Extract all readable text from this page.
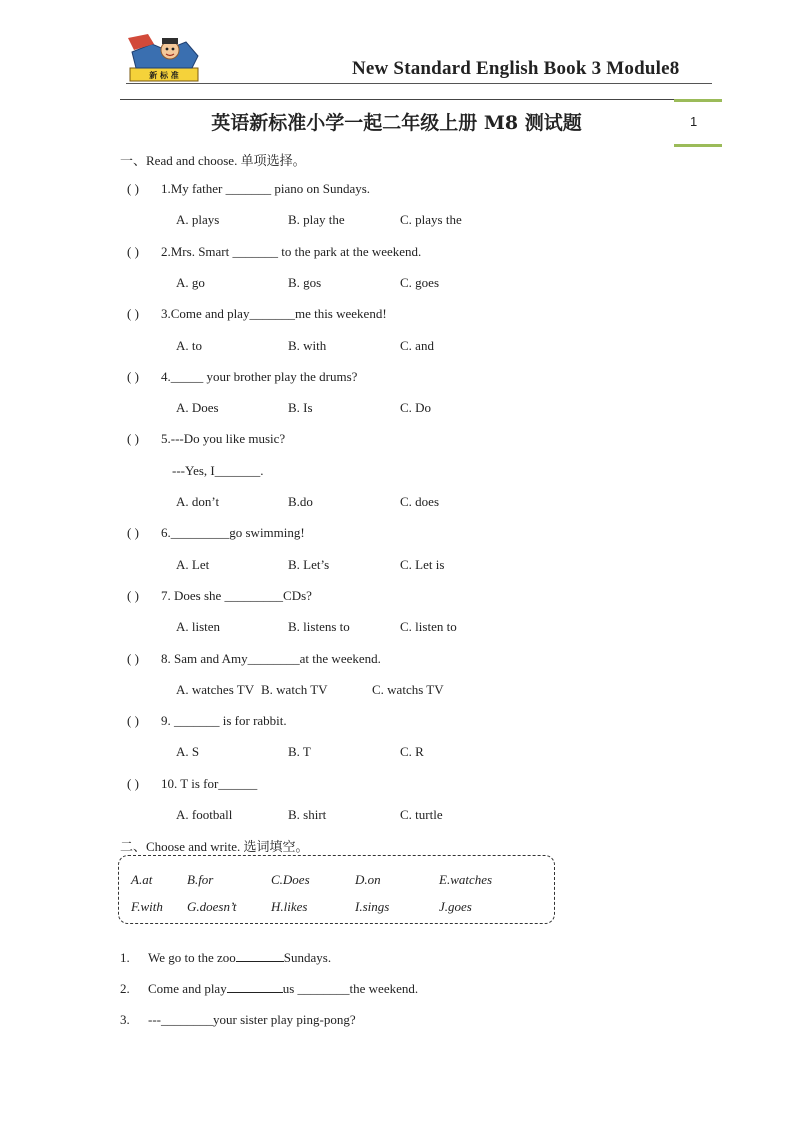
新 标 准	New Standard English Book 3 Module8
1
英语新标准小学一起二年级上册 M8 测试题
一、Read and choose. 单项选择。
( ) 1.My father _______ piano on Sundays.
A. plays	B. play the	C. plays the
( ) 2.Mrs. Smart _______ to the park at the weekend.
A. go	B. gos	C. goes
( ) 3.Come and play_______me this weekend!
A. to	B. with	C. and
( ) 4._____ your brother play the drums?
A. Does	B. Is	C. Do
( ) 5.---Do you like music?
---Yes, I_______.
A. don’t	B.do	C. does
( ) 6._________go swimming!
A. Let	B. Let’s	C. Let is
( ) 7. Does she _________CDs?
A. listen	B. listens to	C. listen to
( ) 8. Sam and Amy________at the weekend.
A. watches TV B. watch TV	C. watchs TV
( ) 9. _______ is for rabbit.
A. S	B. T	C. R
( ) 10. T is for______
A. football	B. shirt	C. turtle
二、Choose and write. 选词填空。
A.at	B.for	C.Does	D.on	E.watches
F.with G.doesn’t	H.likes	I.sings	J.goes
1. We go to the zoo	Sundays.
2. Come and play	us ________the weekend.
3. ---________your sister play ping-pong?
